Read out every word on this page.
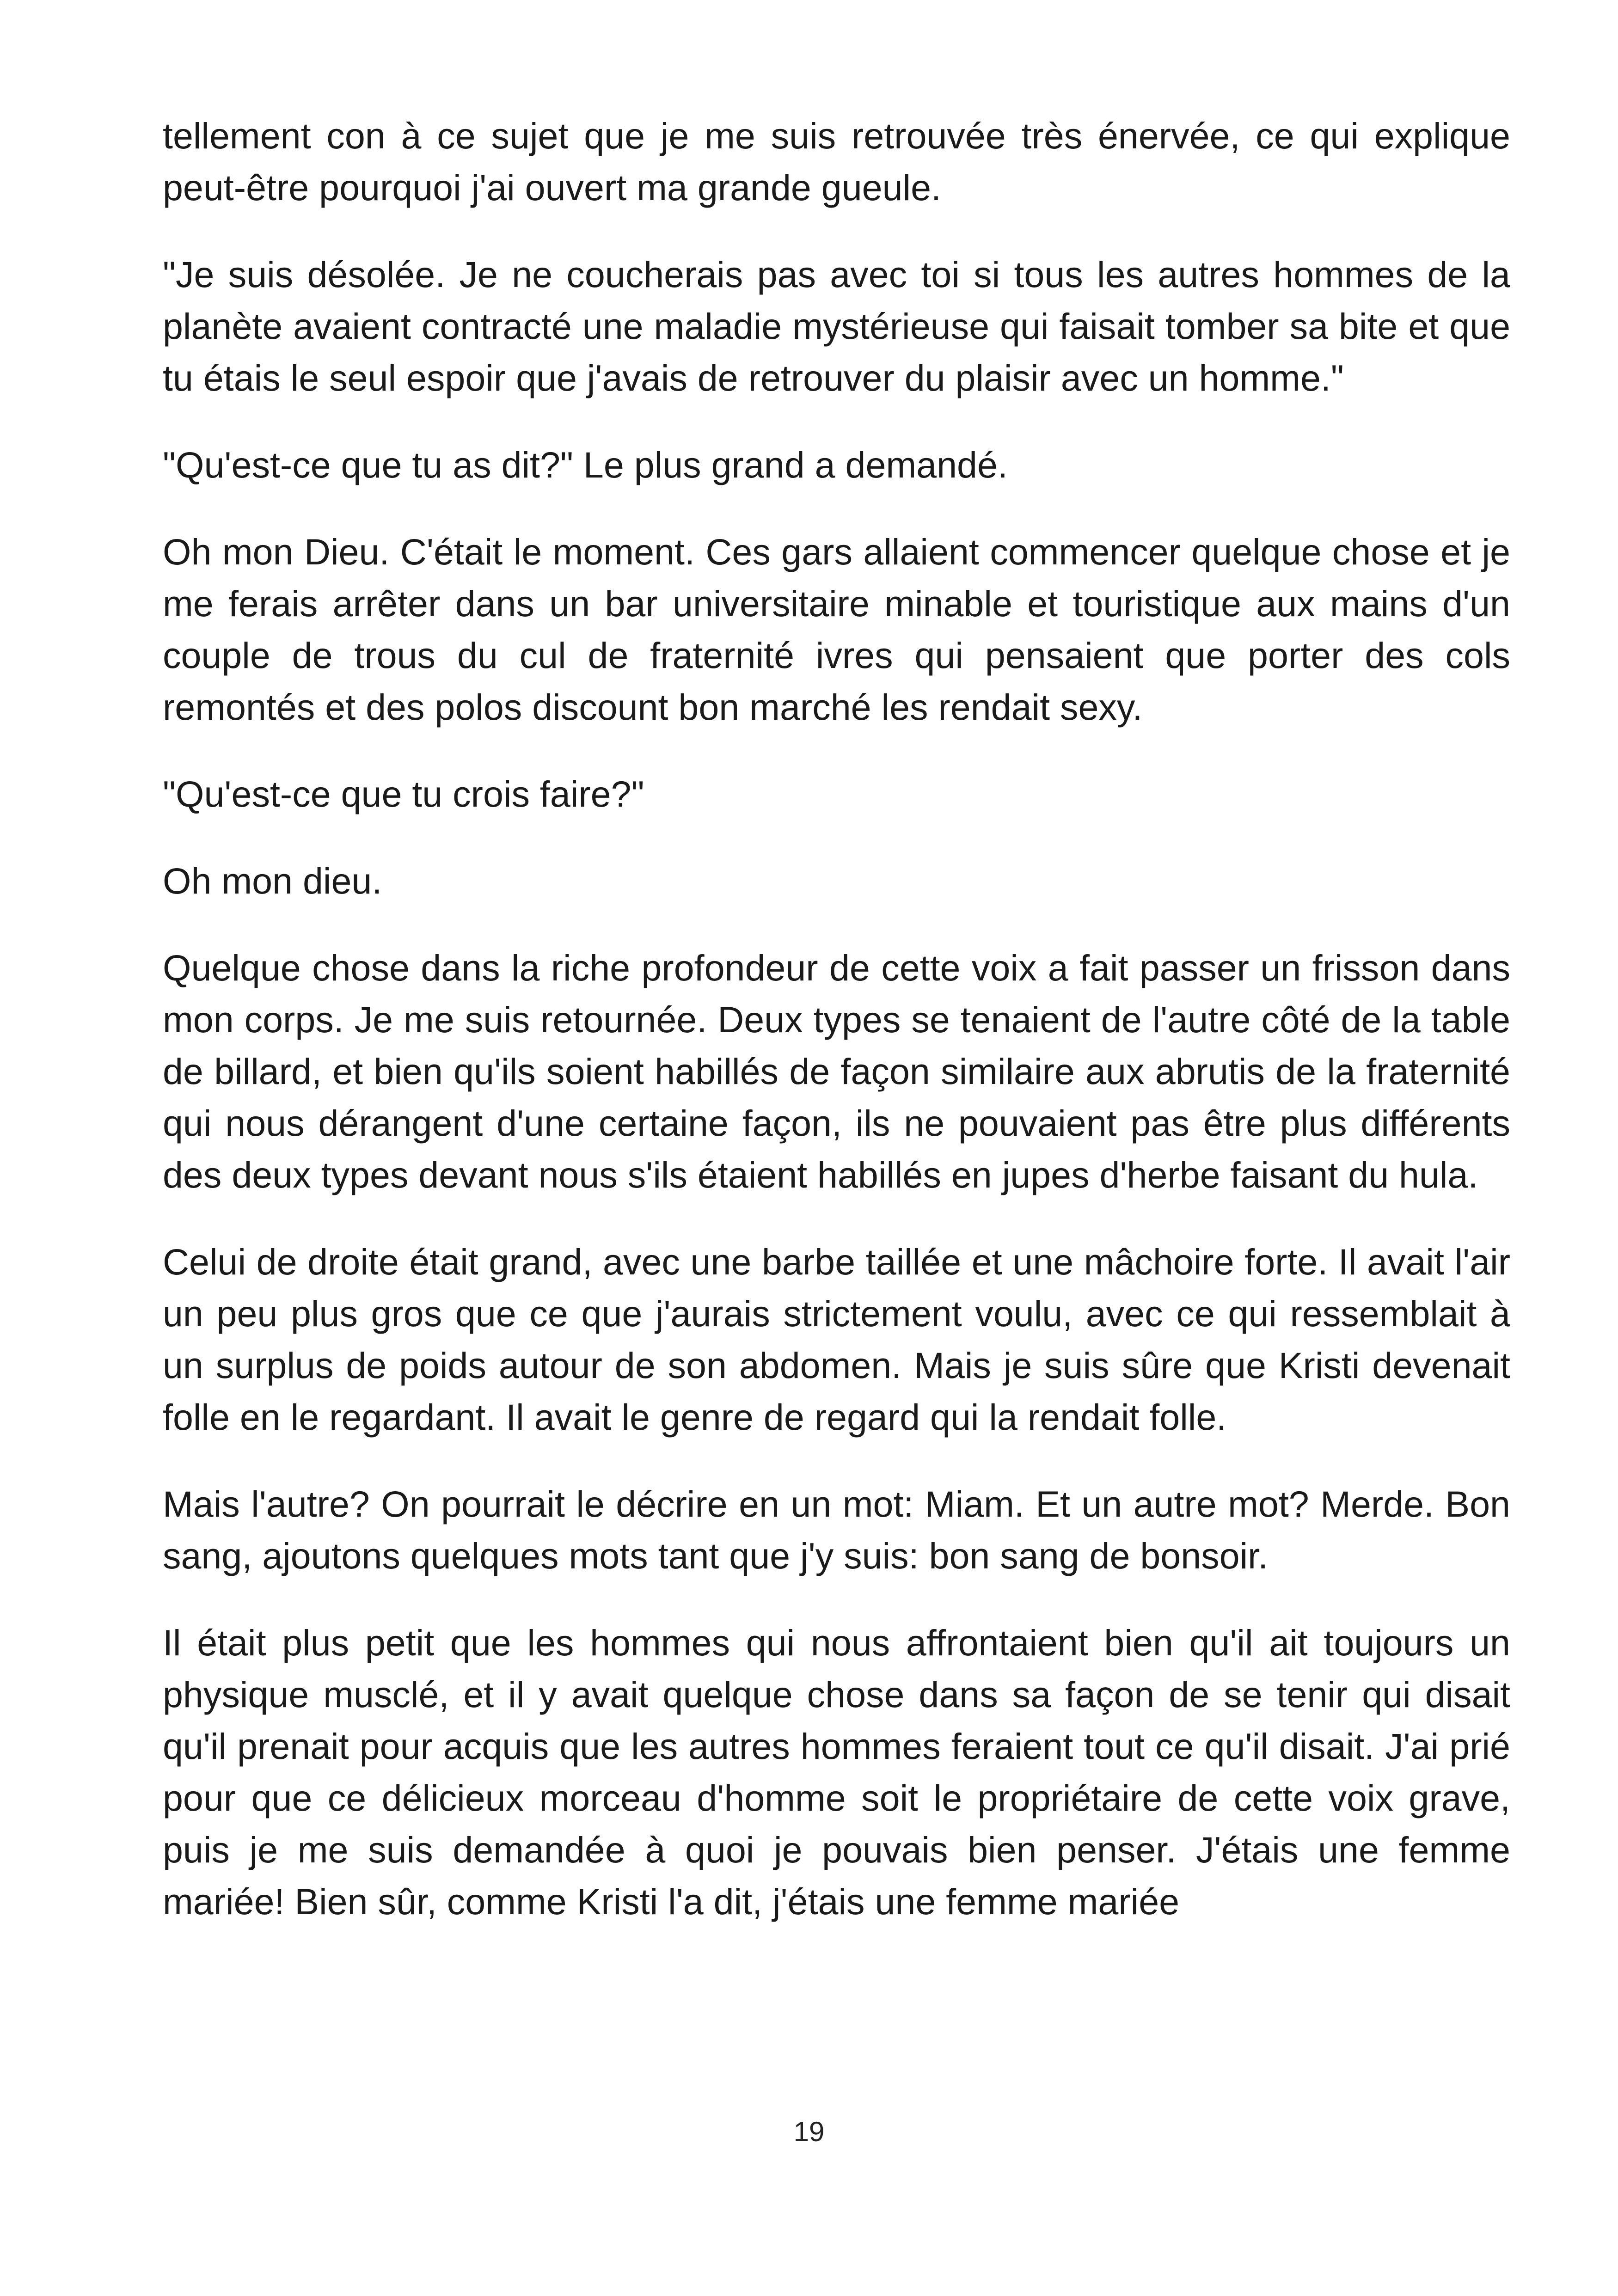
tellement con à ce sujet que je me suis retrouvée très énervée, ce qui explique peut-être pourquoi j'ai ouvert ma grande gueule.

"Je suis désolée. Je ne coucherais pas avec toi si tous les autres hommes de la planète avaient contracté une maladie mystérieuse qui faisait tomber sa bite et que tu étais le seul espoir que j'avais de retrouver du plaisir avec un homme."

"Qu'est-ce que tu as dit?" Le plus grand a demandé.

Oh mon Dieu. C'était le moment. Ces gars allaient commencer quelque chose et je me ferais arrêter dans un bar universitaire minable et touristique aux mains d'un couple de trous du cul de fraternité ivres qui pensaient que porter des cols remontés et des polos discount bon marché les rendait sexy.

"Qu'est-ce que tu crois faire?"

Oh mon dieu.

Quelque chose dans la riche profondeur de cette voix a fait passer un frisson dans mon corps. Je me suis retournée. Deux types se tenaient de l'autre côté de la table de billard, et bien qu'ils soient habillés de façon similaire aux abrutis de la fraternité qui nous dérangent d'une certaine façon, ils ne pouvaient pas être plus différents des deux types devant nous s'ils étaient habillés en jupes d'herbe faisant du hula.

Celui de droite était grand, avec une barbe taillée et une mâchoire forte. Il avait l'air un peu plus gros que ce que j'aurais strictement voulu, avec ce qui ressemblait à un surplus de poids autour de son abdomen. Mais je suis sûre que Kristi devenait folle en le regardant. Il avait le genre de regard qui la rendait folle.

Mais l'autre? On pourrait le décrire en un mot: Miam. Et un autre mot? Merde. Bon sang, ajoutons quelques mots tant que j'y suis: bon sang de bonsoir.

Il était plus petit que les hommes qui nous affrontaient bien qu'il ait toujours un physique musclé, et il y avait quelque chose dans sa façon de se tenir qui disait qu'il prenait pour acquis que les autres hommes feraient tout ce qu'il disait. J'ai prié pour que ce délicieux morceau d'homme soit le propriétaire de cette voix grave, puis je me suis demandée à quoi je pouvais bien penser. J'étais une femme mariée! Bien sûr, comme Kristi l'a dit, j'étais une femme mariée

19
